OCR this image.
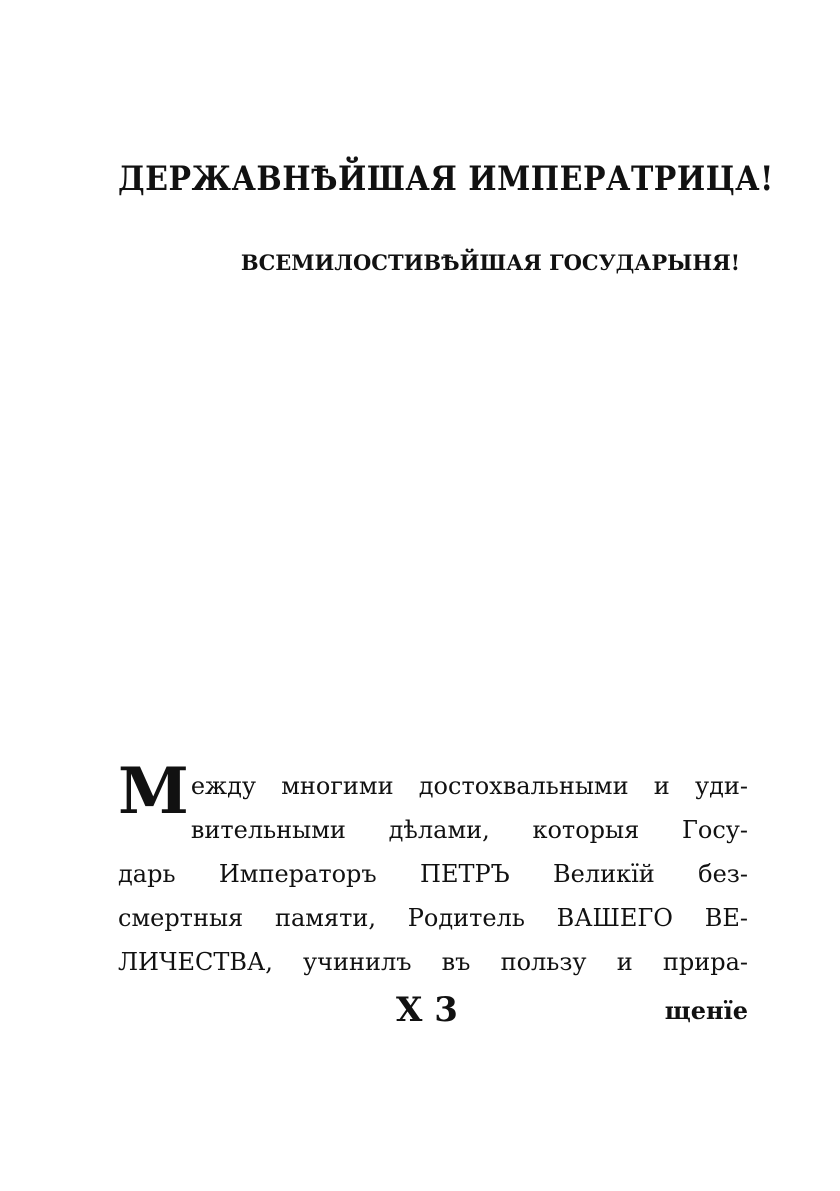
ДЕРЖАВНѢЙШАЯ ИМПЕРАТРИЦА!
ВСЕМИЛОСТИВѢЙШАЯ ГОСУДАРЫНЯ!
М ежду многими достохвальными и уди-
вительными дѣлами, которыя Госу-
дарь Императоръ ПЕТРЪ Великїй без-
смертныя памяти, Родитель ВАШЕГО ВЕ-
ЛИЧЕСТВА, учинилъ въ пользу и прира-
Х 3	щенїе
